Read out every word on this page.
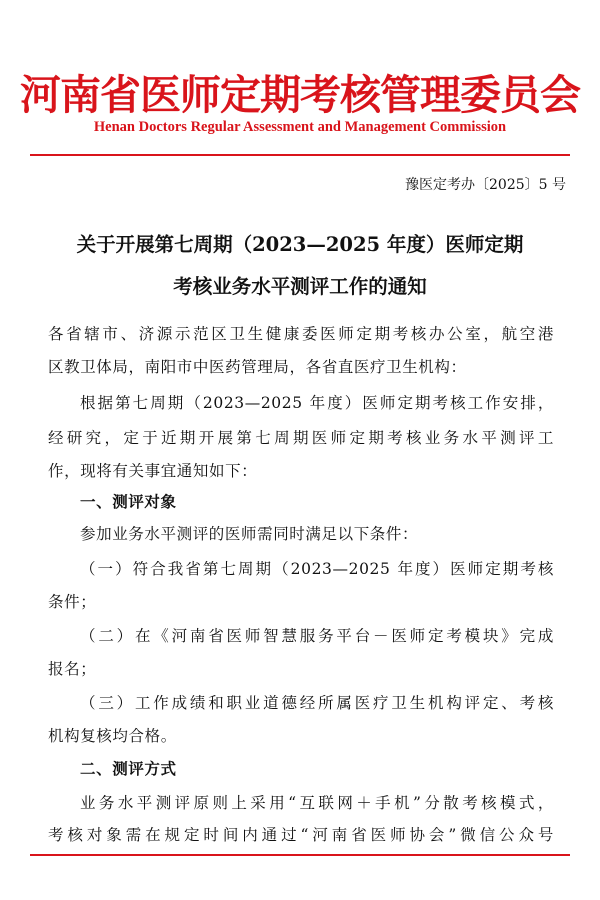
河南省医师定期考核管理委员会
Henan Doctors Regular Assessment and Management Commission
豫医定考办〔2025〕5 号
关于开展第七周期（2023—2025 年度）医师定期
考核业务水平测评工作的通知
各省辖市、济源示范区卫生健康委医师定期考核办公室，航空港
区教卫体局，南阳市中医药管理局，各省直医疗卫生机构：
根据第七周期（2023—2025 年度）医师定期考核工作安排，
经研究，定于近期开展第七周期医师定期考核业务水平测评工
作，现将有关事宜通知如下：
一、测评对象
参加业务水平测评的医师需同时满足以下条件：
（一）符合我省第七周期（2023—2025 年度）医师定期考核
条件；
（二）在《河南省医师智慧服务平台－医师定考模块》完成
报名；
（三）工作成绩和职业道德经所属医疗卫生机构评定、考核
机构复核均合格。
二、测评方式
业务水平测评原则上采用“互联网＋手机”分散考核模式，
考核对象需在规定时间内通过“河南省医师协会”微信公众号
